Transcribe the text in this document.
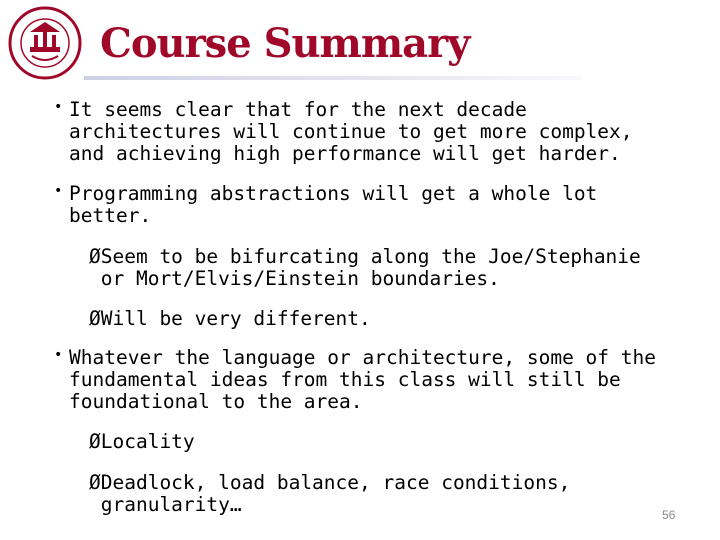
Course Summary
• It seems clear that for the next decade
architectures will continue to get more complex,
and achieving high performance will get harder.
• Programming abstractions will get a whole lot
better.
ØSeem to be bifurcating along the Joe/Stephanie
or Mort/Elvis/Einstein boundaries.
ØWill be very different.
• Whatever the language or architecture, some of the
fundamental ideas from this class will still be
foundational to the area.
ØLocality
ØDeadlock, load balance, race conditions,
granularity…	56
